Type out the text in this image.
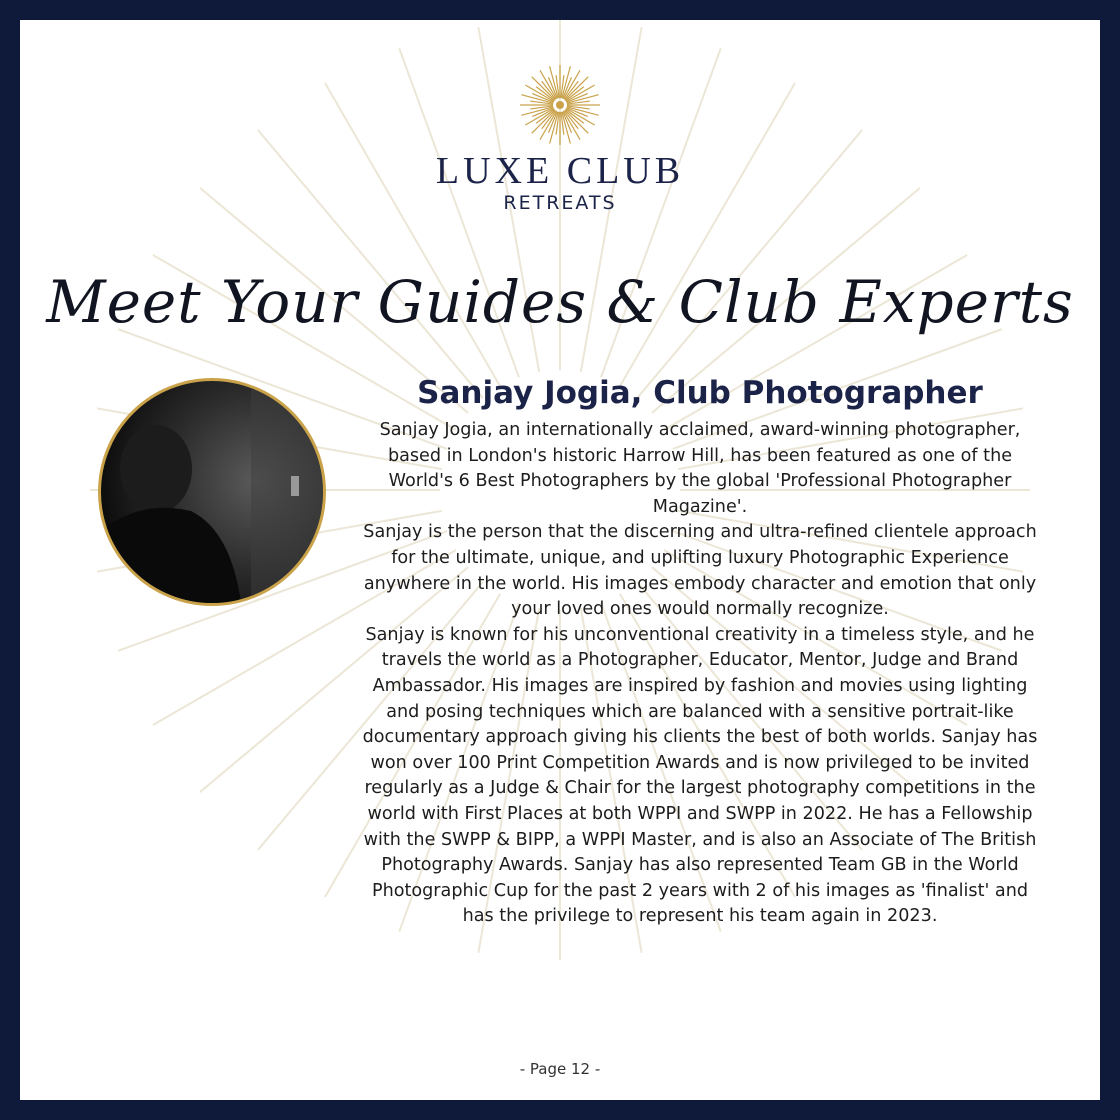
LUXE CLUB
RETREATS
Meet Your Guides & Club Experts
Sanjay Jogia, Club Photographer

Sanjay Jogia, an internationally acclaimed, award-winning photographer, based in London's historic Harrow Hill, has been featured as one of the World's 6 Best Photographers by the global 'Professional Photographer Magazine'.

Sanjay is the person that the discerning and ultra-refined clientele approach for the ultimate, unique, and uplifting luxury Photographic Experience anywhere in the world. His images embody character and emotion that only your loved ones would normally recognize.

Sanjay is known for his unconventional creativity in a timeless style, and he travels the world as a Photographer, Educator, Mentor, Judge and Brand Ambassador. His images are inspired by fashion and movies using lighting and posing techniques which are balanced with a sensitive portrait-like documentary approach giving his clients the best of both worlds. Sanjay has won over 100 Print Competition Awards and is now privileged to be invited regularly as a Judge & Chair for the largest photography competitions in the world with First Places at both WPPI and SWPP in 2022. He has a Fellowship with the SWPP & BIPP, a WPPI Master, and is also an Associate of The British Photography Awards. Sanjay has also represented Team GB in the World Photographic Cup for the past 2 years with 2 of his images as 'finalist' and has the privilege to represent his team again in 2023.

- Page 12 -
